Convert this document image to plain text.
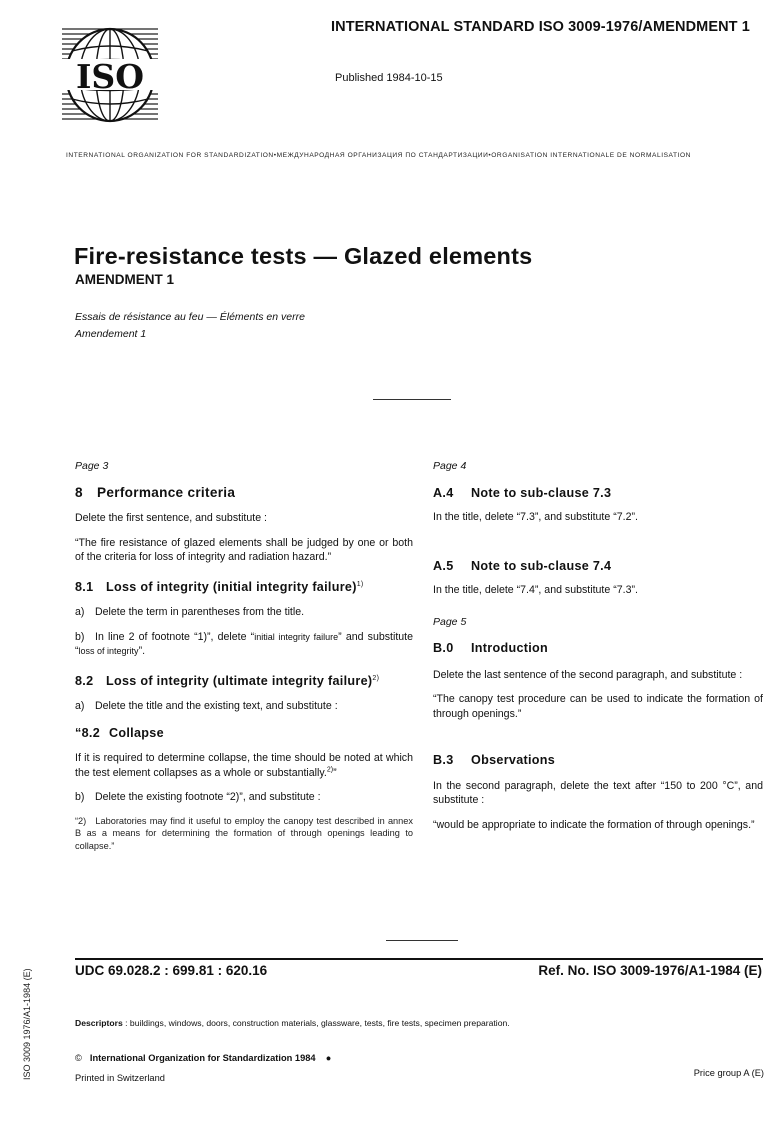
ISO
INTERNATIONAL STANDARD ISO 3009-1976/AMENDMENT 1
Published 1984-10-15
INTERNATIONAL ORGANIZATION FOR STANDARDIZATION•МЕЖДУНАРОДНАЯ ОРГАНИЗАЦИЯ ПО СТАНДАРТИЗАЦИИ•ORGANISATION INTERNATIONALE DE NORMALISATION
Fire-resistance tests — Glazed elements
AMENDMENT 1
Essais de résistance au feu — Éléments en verre
Amendement 1
Page 3
8 Performance criteria
Delete the first sentence, and substitute :
“The fire resistance of glazed elements shall be judged by one or both of the criteria for loss of integrity and radiation hazard.”
8.1 Loss of integrity (initial integrity failure)$^{1)}$
a) Delete the term in parentheses from the title.
b) In line 2 of footnote “1)”, delete “initial integrity failure” and substitute “loss of integrity”.
8.2 Loss of integrity (ultimate integrity failure)$^{2)}$
a) Delete the title and the existing text, and substitute :
“8.2 Collapse
If it is required to determine collapse, the time should be noted at which the test element collapses as a whole or substantially.$^{2)}$”
b) Delete the existing footnote “2)”, and substitute :
“2) Laboratories may find it useful to employ the canopy test described in annex B as a means for determining the formation of through openings leading to collapse.”
Page 4
A.4 Note to sub-clause 7.3
In the title, delete “7.3”, and substitute “7.2”.
A.5 Note to sub-clause 7.4
In the title, delete “7.4”, and substitute “7.3”.
Page 5
B.0 Introduction
Delete the last sentence of the second paragraph, and substitute :
“The canopy test procedure can be used to indicate the formation of through openings.”
B.3 Observations
In the second paragraph, delete the text after “150 to 200 °C”, and substitute :
“would be appropriate to indicate the formation of through openings.”
UDC 69.028.2 : 699.81 : 620.16	Ref. No. ISO 3009-1976/A1-1984 (E)
Descriptors : buildings, windows, doors, construction materials, glassware, tests, fire tests, specimen preparation.
© International Organization for Standardization 1984 ●
Printed in Switzerland	Price group A (E)
ISO 3009 1976/A1-1984 (E)
